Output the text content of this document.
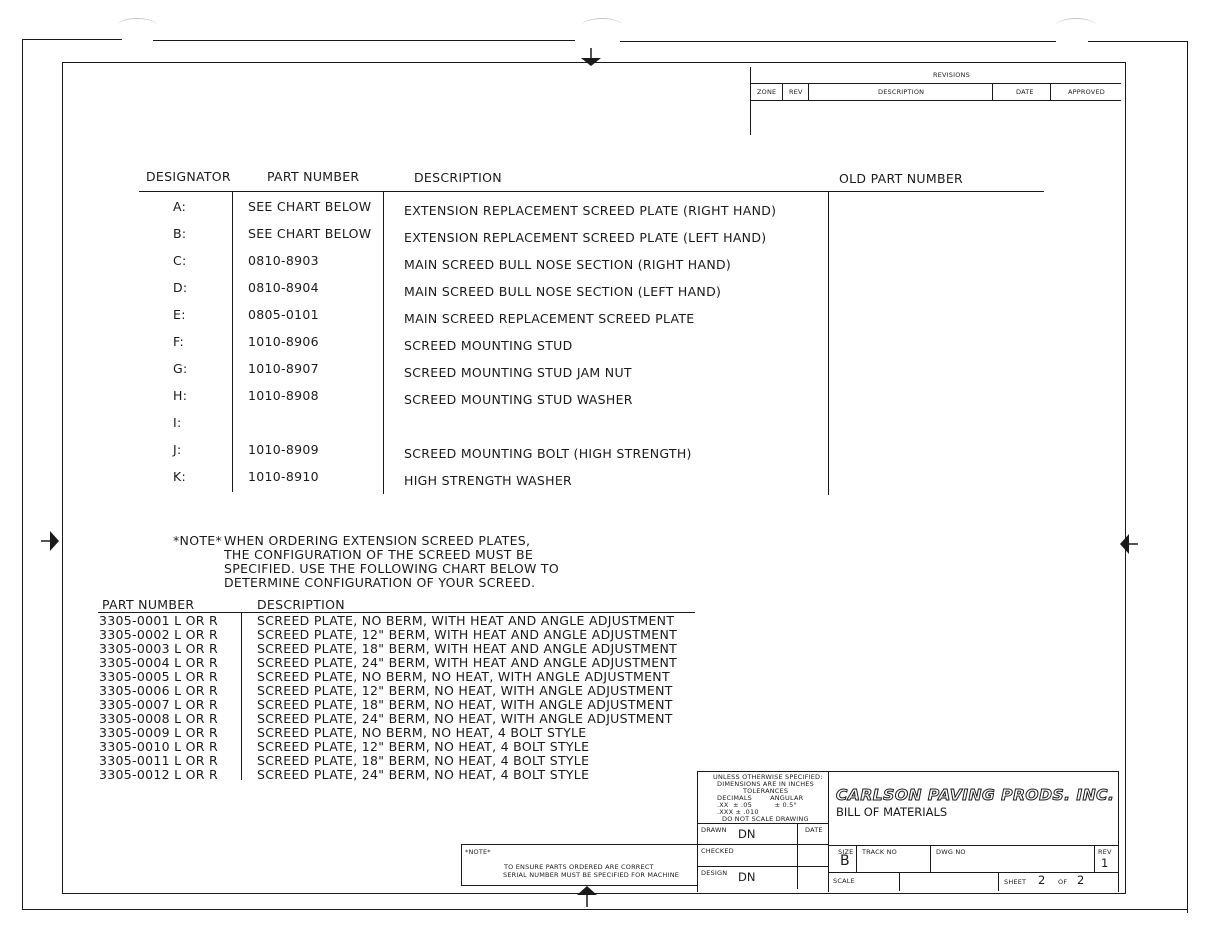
REVISIONS
ZONE REV	DESCRIPTION	DATE	APPROVED
DESIGNATOR	PART NUMBER	DESCRIPTION	OLD PART NUMBER
A:	SEE CHART BELOW	EXTENSION REPLACEMENT SCREED PLATE (RIGHT HAND)
B:	SEE CHART BELOW	EXTENSION REPLACEMENT SCREED PLATE (LEFT HAND)
C:	0810-8903	MAIN SCREED BULL NOSE SECTION (RIGHT HAND)
D:	0810-8904	MAIN SCREED BULL NOSE SECTION (LEFT HAND)
E:	0805-0101	MAIN SCREED REPLACEMENT SCREED PLATE
F:	1010-8906	SCREED MOUNTING STUD
G:	1010-8907	SCREED MOUNTING STUD JAM NUT
H:	1010-8908	SCREED MOUNTING STUD WASHER
I:
J:	1010-8909	SCREED MOUNTING BOLT (HIGH STRENGTH)
K:	1010-8910	HIGH STRENGTH WASHER
*NOTE* WHEN ORDERING EXTENSION SCREED PLATES,
THE CONFIGURATION OF THE SCREED MUST BE
SPECIFIED. USE THE FOLLOWING CHART BELOW TO
DETERMINE CONFIGURATION OF YOUR SCREED.
PART NUMBER	DESCRIPTION
3305-0001 L OR R	SCREED PLATE, NO BERM, WITH HEAT AND ANGLE ADJUSTMENT
3305-0002 L OR R	SCREED PLATE, 12" BERM, WITH HEAT AND ANGLE ADJUSTMENT
3305-0003 L OR R	SCREED PLATE, 18" BERM, WITH HEAT AND ANGLE ADJUSTMENT
3305-0004 L OR R	SCREED PLATE, 24" BERM, WITH HEAT AND ANGLE ADJUSTMENT
3305-0005 L OR R	SCREED PLATE, NO BERM, NO HEAT, WITH ANGLE ADJUSTMENT
3305-0006 L OR R	SCREED PLATE, 12" BERM, NO HEAT, WITH ANGLE ADJUSTMENT
3305-0007 L OR R	SCREED PLATE, 18" BERM, NO HEAT, WITH ANGLE ADJUSTMENT
3305-0008 L OR R	SCREED PLATE, 24" BERM, NO HEAT, WITH ANGLE ADJUSTMENT
3305-0009 L OR R	SCREED PLATE, NO BERM, NO HEAT, 4 BOLT STYLE
3305-0010 L OR R	SCREED PLATE, 12" BERM, NO HEAT, 4 BOLT STYLE
3305-0011 L OR R	SCREED PLATE, 18" BERM, NO HEAT, 4 BOLT STYLE
3305-0012 L OR R	SCREED PLATE, 24" BERM, NO HEAT, 4 BOLT STYLE
*NOTE*
TO ENSURE PARTS ORDERED ARE CORRECT
SERIAL NUMBER MUST BE SPECIFIED FOR MACHINE
UNLESS OTHERWISE SPECIFIED:
DIMENSIONS ARE IN INCHES
TOLERANCES
DECIMALS        ANGULAR
.XX  ± .05          ± 0.5°
.XXX ± .010
DO NOT SCALE DRAWING
CARLSON PAVING PRODS. INC.
BILL OF MATERIALS
DRAWN DN	DATE
CHECKED
DESIGN DN
SIZE
B
TRACK NO	DWG NO	REV
1
SCALE	SHEET 2 OF 2
